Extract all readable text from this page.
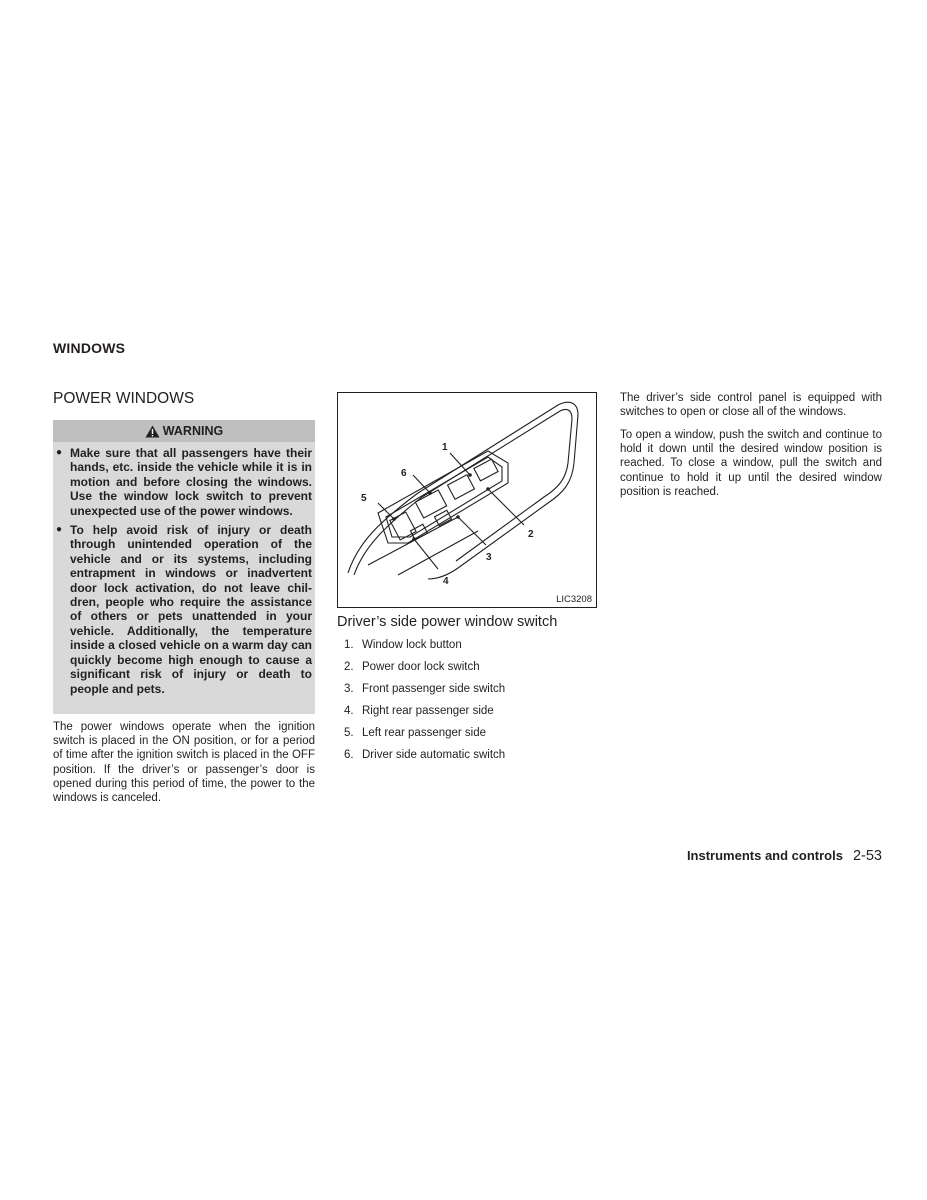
WINDOWS
POWER WINDOWS
WARNING
● Make sure that all passengers have their hands, etc. inside the vehicle while it is in motion and before closing the windows. Use the window lock switch to prevent unexpected use of the power windows.
● To help avoid risk of injury or death through unintended operation of the vehicle and or its systems, including entrapment in windows or inadvertent door lock activation, do not leave children, people who require the assistance of others or pets unattended in your vehicle. Additionally, the temperature inside a closed vehicle on a warm day can quickly become high enough to cause a significant risk of injury or death to people and pets.
The power windows operate when the ignition switch is placed in the ON position, or for a period of time after the ignition switch is placed in the OFF position. If the driver’s or passenger’s door is opened during this period of time, the power to the windows is canceled.
1
2
3
4
5
6
LIC3208
Driver’s side power window switch
1. Window lock button
2. Power door lock switch
3. Front passenger side switch
4. Right rear passenger side
5. Left rear passenger side
6. Driver side automatic switch
The driver’s side control panel is equipped with switches to open or close all of the windows.
To open a window, push the switch and continue to hold it down until the desired window position is reached. To close a window, pull the switch and continue to hold it up until the desired window position is reached.
Instruments and controls 2-53
